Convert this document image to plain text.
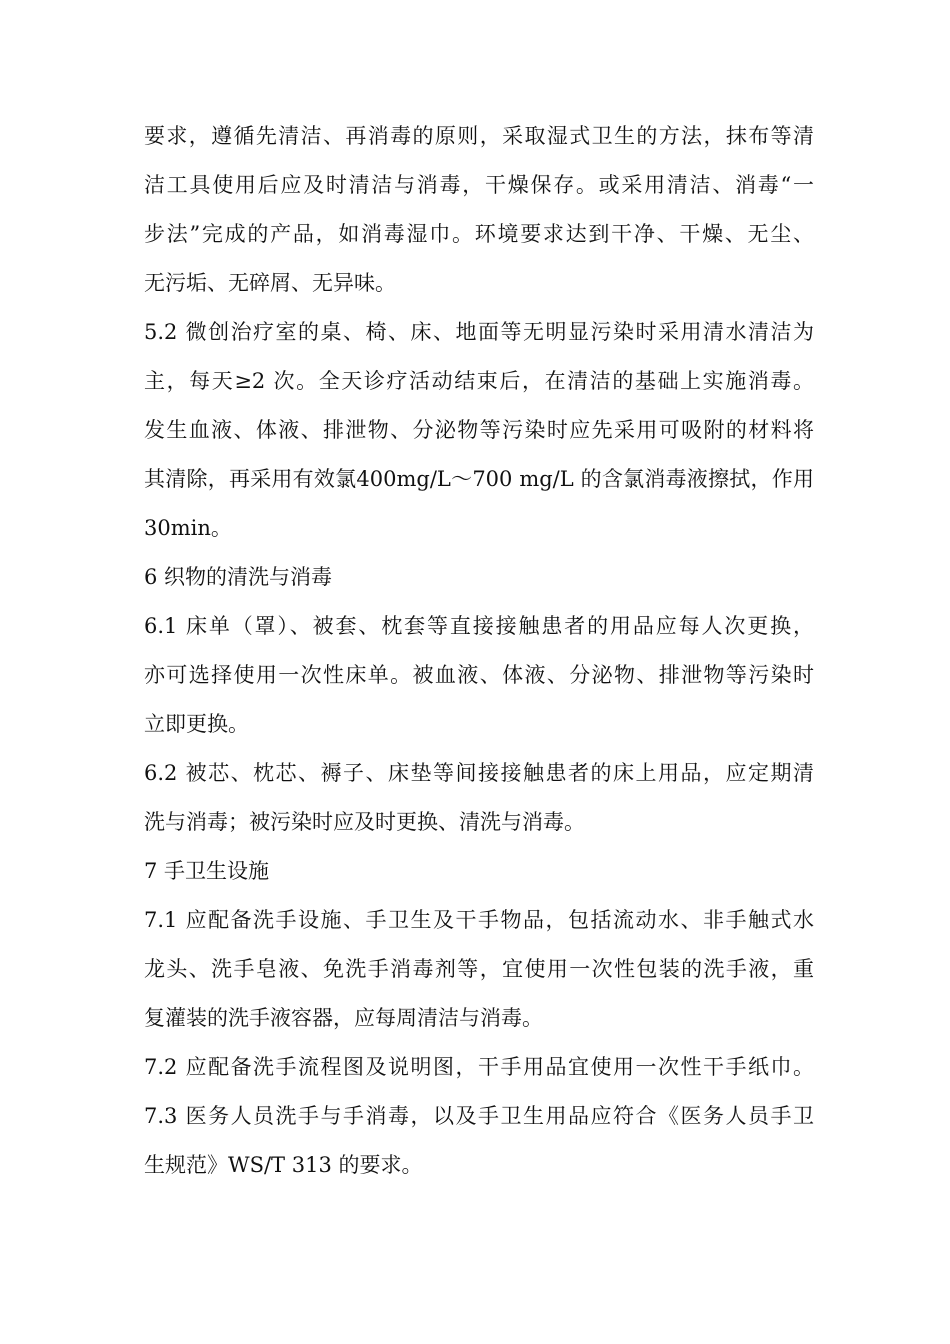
要求，遵循先清洁、再消毒的原则，采取湿式卫生的方法，抹布等清
洁工具使用后应及时清洁与消毒，干燥保存。或采用清洁、消毒“一
步法”完成的产品，如消毒湿巾。环境要求达到干净、干燥、无尘、
无污垢、无碎屑、无异味。
5.2 微创治疗室的桌、椅、床、地面等无明显污染时采用清水清洁为
主，每天≥2 次。全天诊疗活动结束后，在清洁的基础上实施消毒。
发生血液、体液、排泄物、分泌物等污染时应先采用可吸附的材料将
其清除，再采用有效氯400mg/L～700 mg/L 的含氯消毒液擦拭，作用
30min。
6 织物的清洗与消毒
6.1 床单（罩）、被套、枕套等直接接触患者的用品应每人次更换，
亦可选择使用一次性床单。被血液、体液、分泌物、排泄物等污染时
立即更换。
6.2 被芯、枕芯、褥子、床垫等间接接触患者的床上用品，应定期清
洗与消毒；被污染时应及时更换、清洗与消毒。
7 手卫生设施
7.1 应配备洗手设施、手卫生及干手物品，包括流动水、非手触式水
龙头、洗手皂液、免洗手消毒剂等，宜使用一次性包装的洗手液，重
复灌装的洗手液容器，应每周清洁与消毒。
7.2 应配备洗手流程图及说明图，干手用品宜使用一次性干手纸巾。
7.3 医务人员洗手与手消毒，以及手卫生用品应符合《医务人员手卫
生规范》WS/T 313 的要求。
